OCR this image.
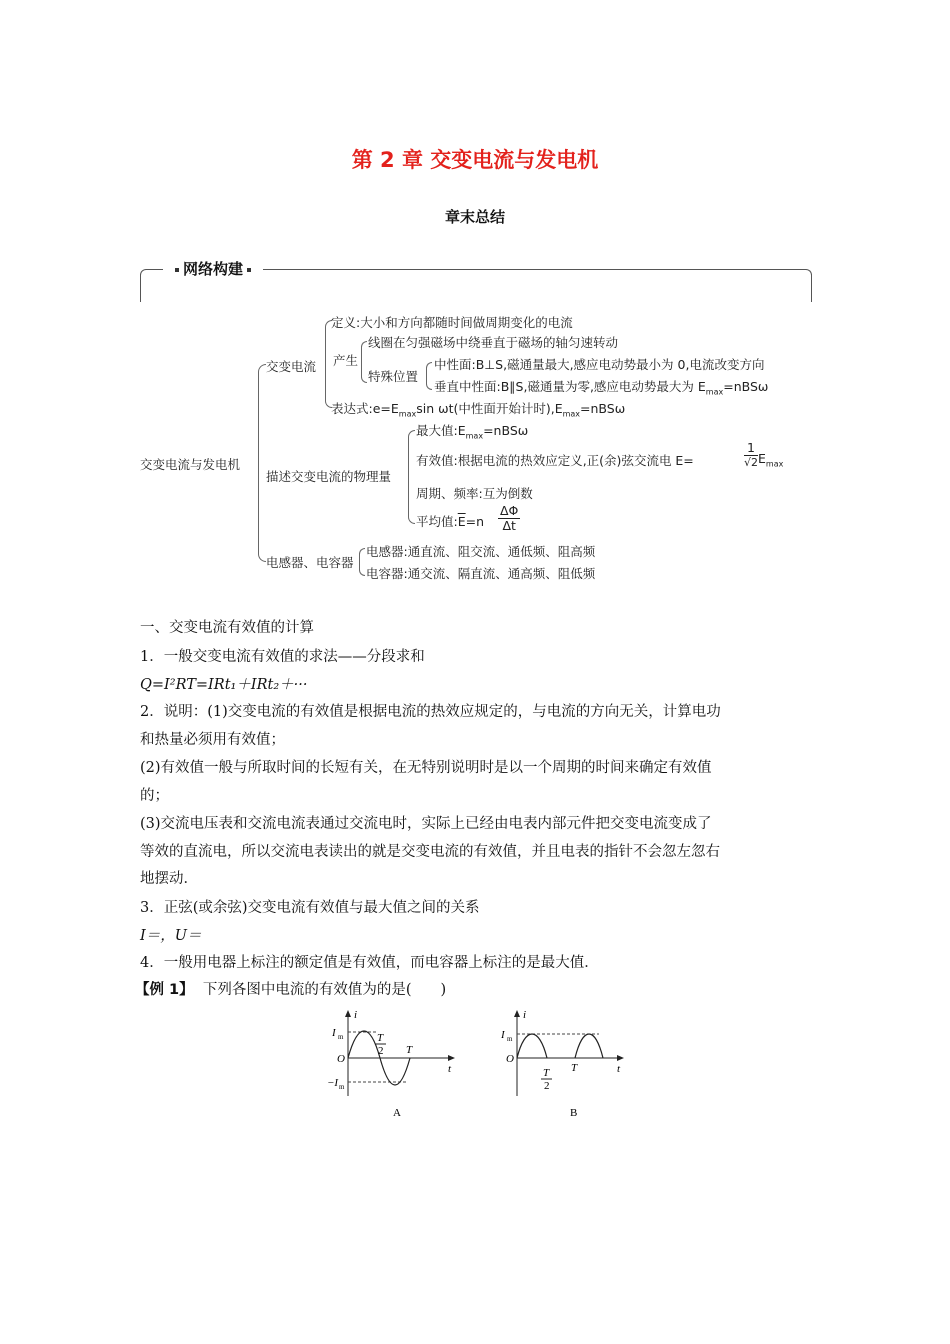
第 2 章 交变电流与发电机
章末总结
网络构建
交变电流与发电机
交变电流
定义:大小和方向都随时间做周期变化的电流
产生
线圈在匀强磁场中绕垂直于磁场的轴匀速转动
特殊位置
中性面:B⊥S,磁通量最大,感应电动势最小为 0,电流改变方向
垂直中性面:B∥S,磁通量为零,感应电动势最大为 $E_{max}=nBS\omega$
表达式$:e=E_{max}\sin$ ωt(中性面开始计时)$,E_{max}=nBS\omega$
描述交变电流的物理量
最大值$:E_{max}=nBS\omega$
有效值:根据电流的热效应定义,正(余)弦交流电 E=	$\frac{1}{√2} E_{max}$
周期、频率:互为倒数
平均值$:\overline{E}=n \frac{\Delta\Phi}{\Delta t}$
电感器、电容器
电感器:通直流、阻交流、通低频、阻高频
电容器:通交流、隔直流、通高频、阻低频
一、交变电流有效值的计算
1．一般交变电流有效值的求法——分段求和
Q=I²RT=IRt₁＋IRt₂＋···
2．说明：(1)交变电流的有效值是根据电流的热效应规定的，与电流的方向无关，计算电功
和热量必须用有效值；
(2)有效值一般与所取时间的长短有关，在无特别说明时是以一个周期的时间来确定有效值
的；
(3)交流电压表和交流电流表通过交流电时，实际上已经由电表内部元件把交变电流变成了
等效的直流电，所以交流电表读出的就是交变电流的有效值，并且电表的指针不会忽左忽右
地摆动．
3．正弦(或余弦)交变电流有效值与最大值之间的关系
I＝，U＝
4．一般用电器上标注的额定值是有效值，而电容器上标注的是最大值．
【例 1】 下列各图中电流的有效值为的是(　　)
i
t
I m
−I m
O
T
2 T
A
i
t
I m
O
T
2
T
B
